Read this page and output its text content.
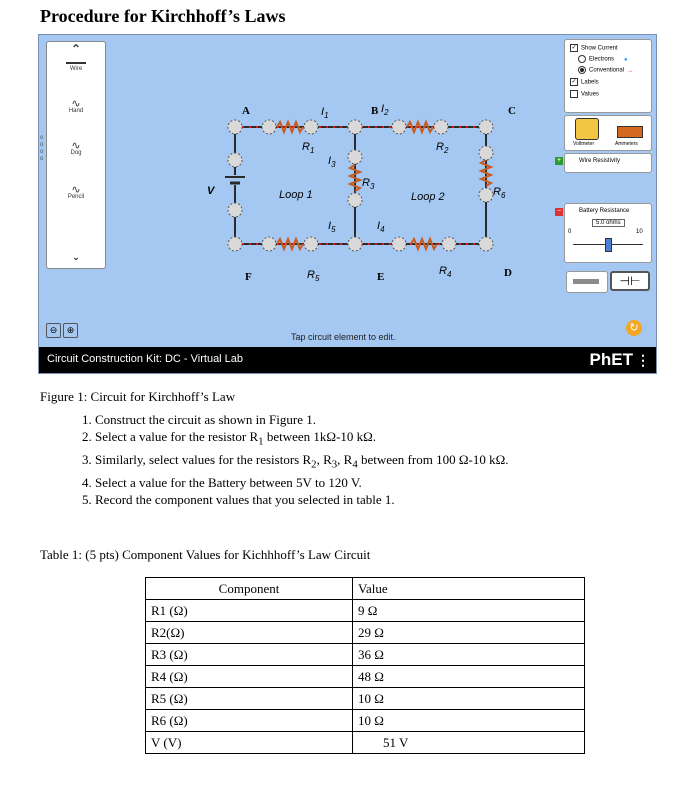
Procedure for Kirchhoff’s Laws
⌃
Wire
∿
Hand
∿
Dog
∿
Pencil
⌄
o
o
o
o
A	B	C
D
E
F
$I_1$
$I_2$
$I_3$
$I_4$
$I_5$
$R_1$	$R_2$
$R_3$
$R_4$
$R_5$
$R_6$
V	Loop 1	Loop 2
✓ Show Current
Electrons ●
Conventional →
✓ Labels
Values
Voltmeter	Ammeters
+	Wire Resistivity
−	Battery Resistance
5.0 ohms
0	10
⊣⊢
⊖	⊕
Tap circuit element to edit.
↻
Circuit Construction Kit: DC - Virtual Lab	PhET ⋮
Figure 1: Circuit for Kirchhoff’s Law
1. Construct the circuit as shown in Figure 1.
2. Select a value for the resistor $R_1$ between 1kΩ-10 kΩ.
3. Similarly, select values for the resistors $R_2$, $R_3$, $R_4$ between from 100 Ω-10 kΩ.
4. Select a value for the Battery between 5V to 120 V.
5. Record the component values that you selected in table 1.
Table 1: (5 pts) Component Values for Kichhhoff’s Law Circuit
Component	Value
R1 (Ω)	9 Ω
R2(Ω)	29 Ω
R3 (Ω)	36 Ω
R4 (Ω)	48 Ω
R5 (Ω)	10 Ω
R6 (Ω)	10 Ω
V (V)	51 V
